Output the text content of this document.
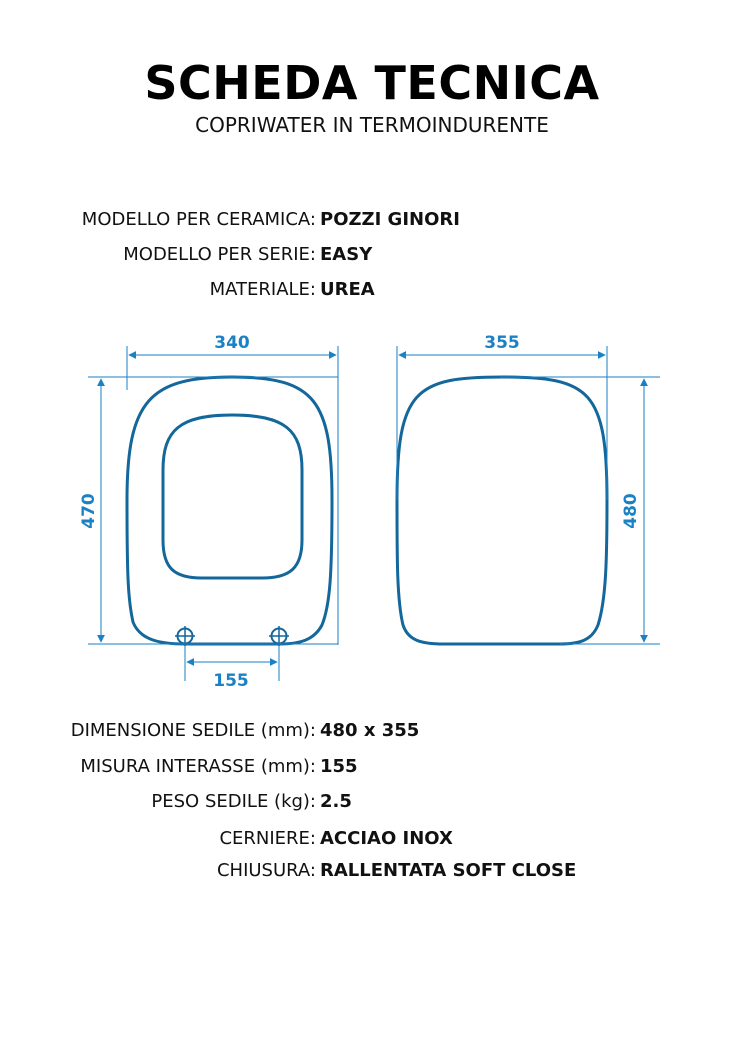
SCHEDA TECNICA
COPRIWATER IN TERMOINDURENTE
MODELLO PER CERAMICA: POZZI GINORI
MODELLO PER SERIE: EASY
MATERIALE: UREA
340
470
155
355
480
DIMENSIONE SEDILE (mm): 480 x 355
MISURA INTERASSE (mm): 155
PESO SEDILE (kg): 2.5
CERNIERE: ACCIAO INOX
CHIUSURA: RALLENTATA SOFT CLOSE
